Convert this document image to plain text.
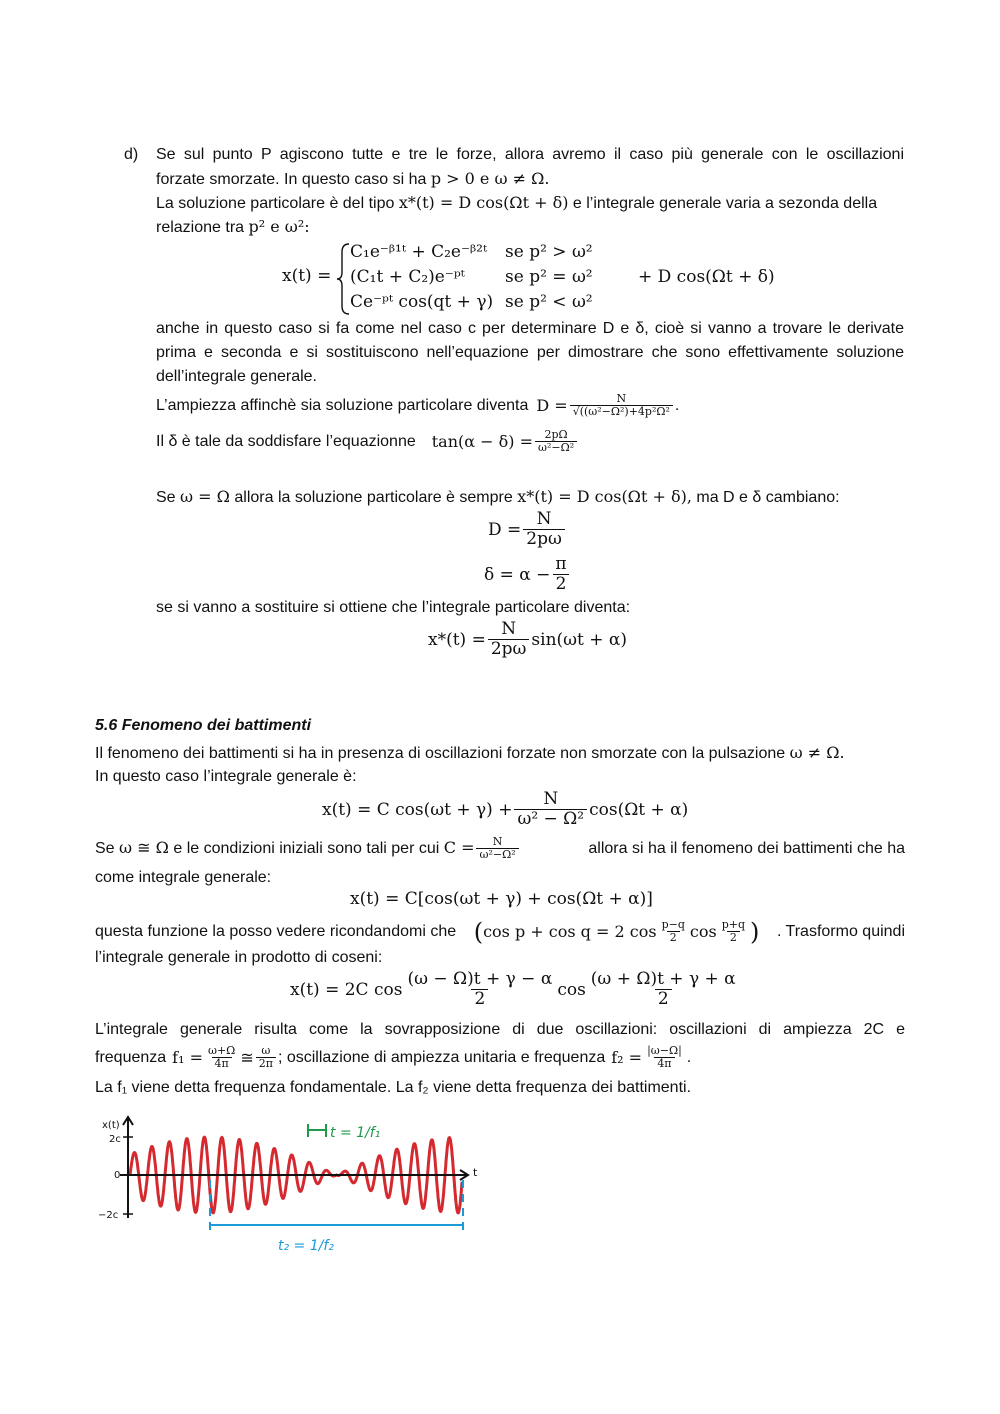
d) Se sul punto P agiscono tutte e tre le forze, allora avremo il caso più generale con le oscillazioni
forzate smorzate. In questo caso si ha p > 0 e ω ≠ Ω.
La soluzione particolare è del tipo x*(t) = D cos(Ωt + δ) e l’integrale generale varia a sezonda della
relazione tra p² e ω²:
x(t) =
C₁e⁻ᵝ¹ᵗ + C₂e⁻ᵝ²ᵗ se p² > ω²
(C₁t + C₂)e⁻ᵖᵗ se p² = ω²
Ce⁻ᵖᵗ cos(qt + γ) se p² < ω²
+ D cos(Ωt + δ)
anche in questo caso si fa come nel caso c per determinare D e δ, cioè si vanno a trovare le derivate
prima e seconda e si sostituiscono nell’equazione per dimostrare che sono effettivamente soluzione
dell’integrale generale.
L’ampiezza affinchè sia soluzione particolare diventa $D = \frac{N}{\text{√((ω²−Ω²)+4p²Ω²}}$ .
Il δ è tale da soddisfare l’equazionne $\tan(\alpha - \delta) = \frac{2p\Omega}{\text{ω²−Ω²}}$
Se ω = Ω allora la soluzione particolare è sempre x*(t) = D cos(Ωt + δ), ma D e δ cambiano:
$D = \frac{N}{2p\omega}$
$\delta = \alpha - \frac{\pi}{2}$
se si vanno a sostituire si ottiene che l’integrale particolare diventa:
$x*(t) = \frac{N}{2p\omega} \sin(\omega t + \alpha)$
5.6 Fenomeno dei battimenti
Il fenomeno dei battimenti si ha in presenza di oscillazioni forzate non smorzate con la pulsazione ω ≠ Ω.
In questo caso l’integrale generale è:
x(t) = C $\cos(\omega t + \gamma) + \frac{N}{\text{ω² − Ω²}} \cos(\Omega t + \alpha)$
Se ω ≅ Ω e le condizioni iniziali sono tali per cui $C = \frac{N}{\text{ω²−Ω²}}$	allora si ha il fenomeno dei battimenti che ha
come integrale generale:
x(t) = C[cos(ωt + γ) + cos(Ωt + α)]
questa funzione la posso vedere ricondandomi che ( cos p + cos q = 2 $\cos \frac{p-q}{2}$ $\cos \frac{p+q}{2}$ ) . Trasformo quindi
l’integrale generale in prodotto di coseni:
x(t) = 2C $\cos \frac{(\omega - \Omega)t + \gamma - \alpha}{2}$ $\cos \frac{(\omega + \Omega)t + \gamma + \alpha}{2}$
L’integrale generale risulta come la sovrapposizione di due oscillazioni: oscillazioni di ampiezza 2C e
frequenza $f_1 = \frac{\omega+\Omega}{4\pi}$ ≅ $\frac{\omega}{2\pi}$ ; oscillazione di ampiezza unitaria e frequenza $f_2 = \frac{|\omega-\Omega|}{4\pi}$ .
La f₁ viene detta frequenza fondamentale. La f₂ viene detta frequenza dei battimenti.
x(t)
t
2c
0
−2c
t = 1/f₁
t₂ = 1/f₂
